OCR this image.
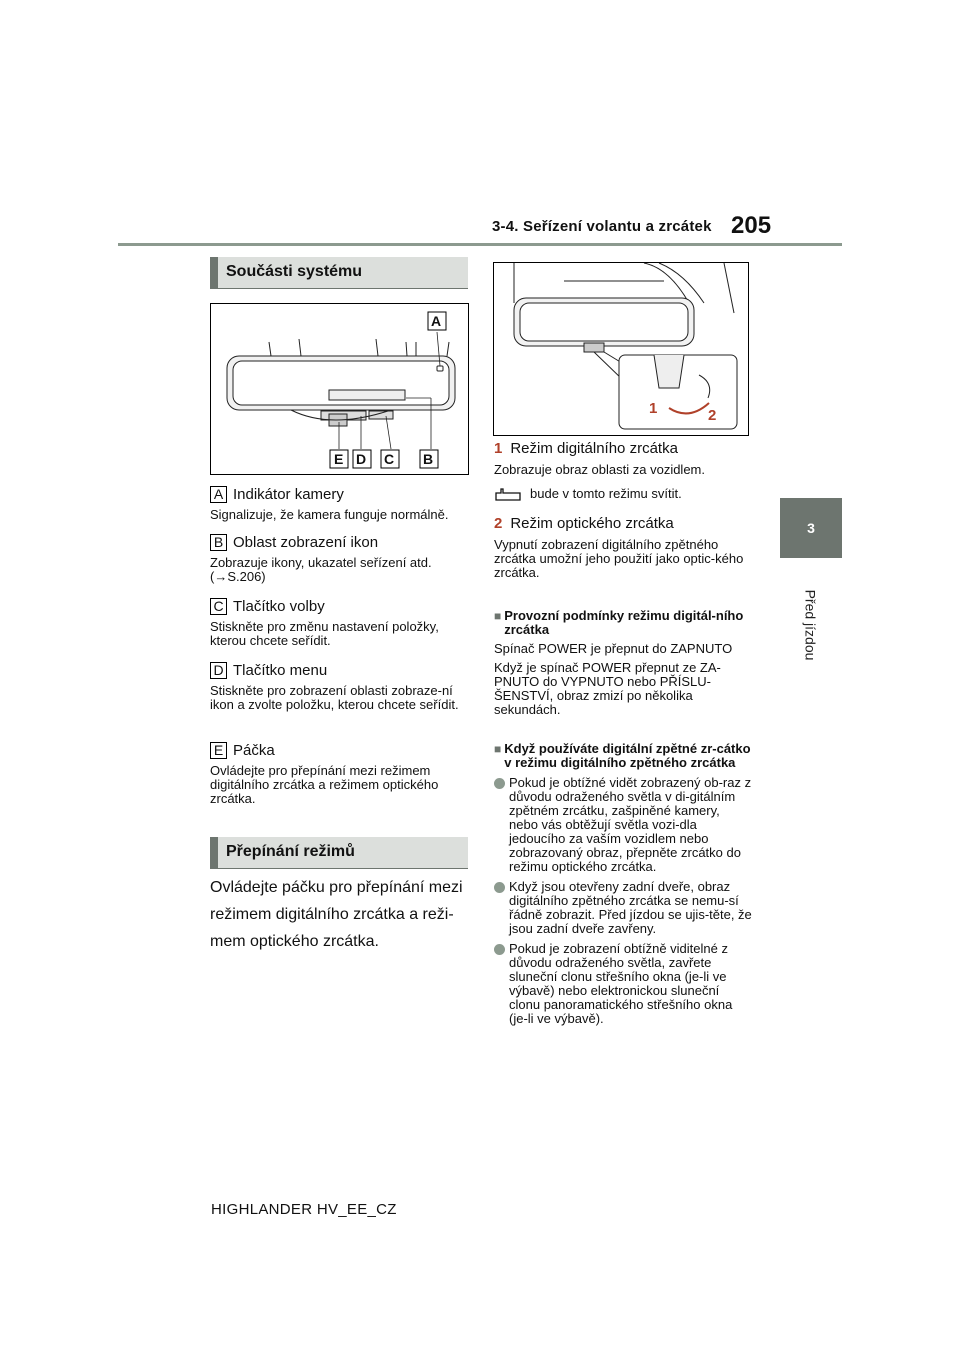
3-4. Seřízení volantu a zrcátek 205
3
Před jízdou
Součásti systému
A
E D C B
A Indikátor kamery
Signalizuje, že kamera funguje normálně.
B Oblast zobrazení ikon
Zobrazuje ikony, ukazatel seřízení atd. (→S.206)
C Tlačítko volby
Stiskněte pro změnu nastavení položky, kterou chcete seřídit.
D Tlačítko menu
Stiskněte pro zobrazení oblasti zobraze-ní ikon a zvolte položku, kterou chcete seřídit.
E Páčka
Ovládejte pro přepínání mezi režimem digitálního zrcátka a režimem optického zrcátka.
Přepínání režimů
Ovládejte páčku pro přepínání mezi režimem digitálního zrcátka a reži-mem optického zrcátka.
1	2
1 Režim digitálního zrcátka
Zobrazuje obraz oblasti za vozidlem.
bude v tomto režimu svítit.
2 Režim optického zrcátka
Vypnutí zobrazení digitálního zpětného zrcátka umožní jeho použití jako optic-kého zrcátka.
■ Provozní podmínky režimu digitál-ního zrcátka
Spínač POWER je přepnut do ZAPNUTO
Když je spínač POWER přepnut ze ZA-PNUTO do VYPNUTO nebo PŘÍSLU-ŠENSTVÍ, obraz zmizí po několika sekundách.
■ Když používáte digitální zpětné zr-cátko v režimu digitálního zpětného zrcátka
Pokud je obtížné vidět zobrazený ob-raz z důvodu odraženého světla v di-gitálním zpětném zrcátku, zašpiněné kamery, nebo vás obtěžují světla vozi-dla jedoucího za vaším vozidlem nebo zobrazovaný obraz, přepněte zrcátko do režimu optického zrcátka.
Když jsou otevřeny zadní dveře, obraz digitálního zpětného zrcátka se nemu-sí řádně zobrazit. Před jízdou se ujis-těte, že jsou zadní dveře zavřeny.
Pokud je zobrazení obtížně viditelné z důvodu odraženého světla, zavřete sluneční clonu střešního okna (je-li ve výbavě) nebo elektronickou sluneční clonu panoramatického střešního okna (je-li ve výbavě).
HIGHLANDER HV_EE_CZ
